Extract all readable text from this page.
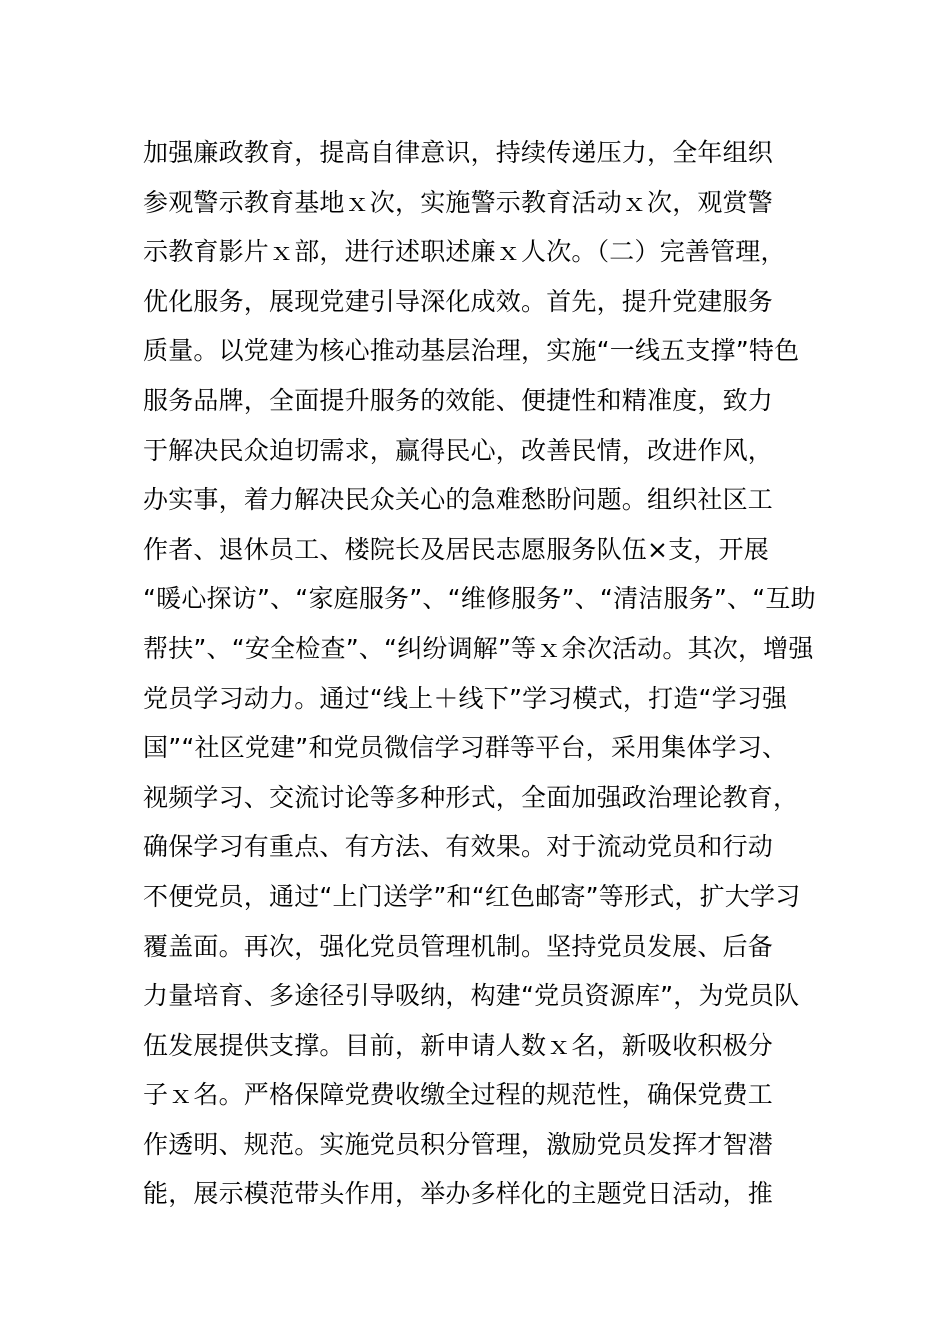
加强廉政教育，提高自律意识，持续传递压力，全年组织
参观警示教育基地ｘ次，实施警示教育活动ｘ次，观赏警
示教育影片ｘ部，进行述职述廉ｘ人次。（二）完善管理，
优化服务，展现党建引导深化成效。首先，提升党建服务
质量。以党建为核心推动基层治理，实施“一线五支撑”特色
服务品牌，全面提升服务的效能、便捷性和精准度，致力
于解决民众迫切需求，赢得民心，改善民情，改进作风，
办实事，着力解决民众关心的急难愁盼问题。组织社区工
作者、退休员工、楼院长及居民志愿服务队伍×支，开展
“暖心探访”、“家庭服务”、“维修服务”、“清洁服务”、“互助
帮扶”、“安全检查”、“纠纷调解”等ｘ余次活动。其次，增强
党员学习动力。通过“线上＋线下”学习模式，打造“学习强
国”“社区党建”和党员微信学习群等平台，采用集体学习、
视频学习、交流讨论等多种形式，全面加强政治理论教育，
确保学习有重点、有方法、有效果。对于流动党员和行动
不便党员，通过“上门送学”和“红色邮寄”等形式，扩大学习
覆盖面。再次，强化党员管理机制。坚持党员发展、后备
力量培育、多途径引导吸纳，构建“党员资源库”，为党员队
伍发展提供支撑。目前，新申请人数ｘ名，新吸收积极分
子ｘ名。严格保障党费收缴全过程的规范性，确保党费工
作透明、规范。实施党员积分管理，激励党员发挥才智潜
能，展示模范带头作用，举办多样化的主题党日活动，推
